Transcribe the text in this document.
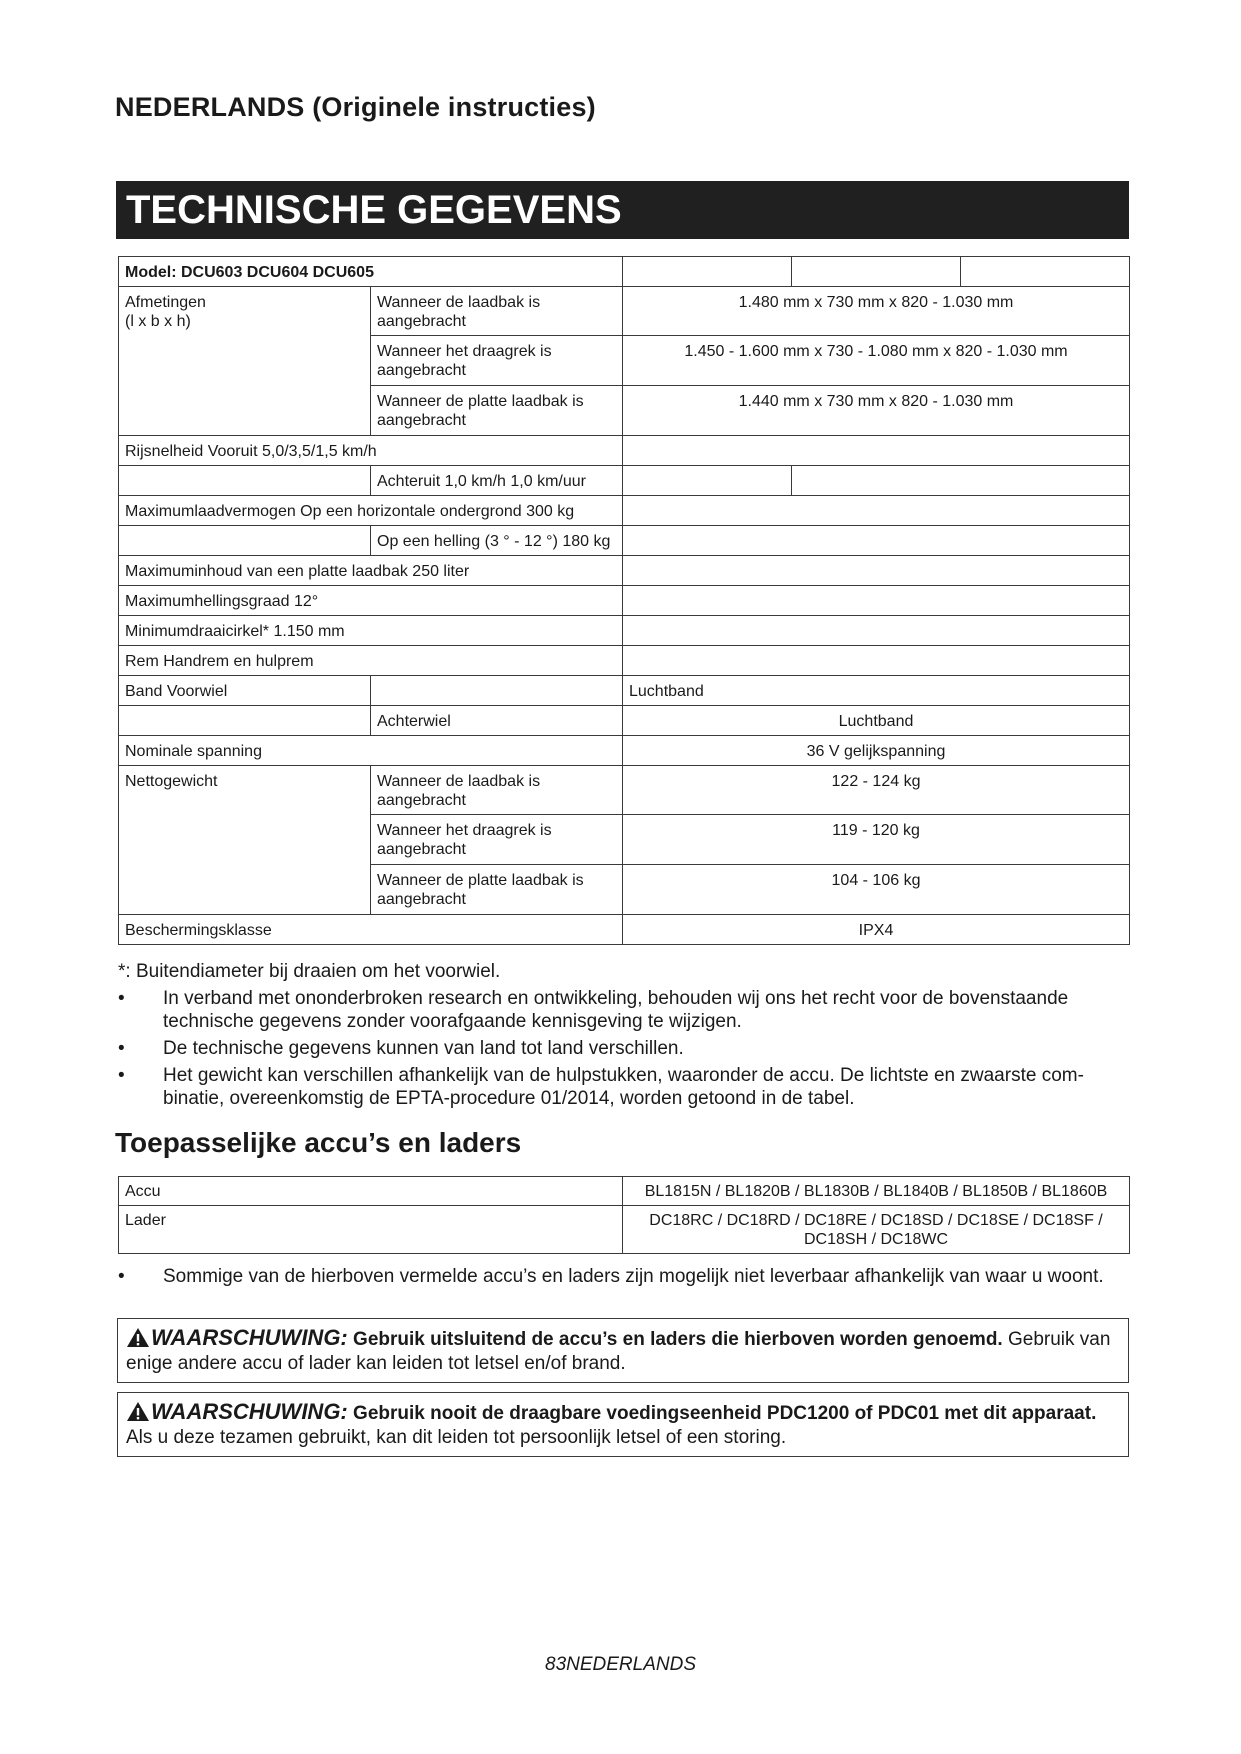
NEDERLANDS (Originele instructies)
TECHNISCHE GEGEVENS
Model: DCU603 DCU604 DCU605				
Afmetingen
(l x b x h)	Wanneer de laadbak is aangebracht	1.480 mm x 730 mm x 820 - 1.030 mm		
	Wanneer het draagrek is aangebracht	1.450 - 1.600 mm x 730 - 1.080 mm x 820 - 1.030 mm		
	Wanneer de platte laadbak is aangebracht	1.440 mm x 730 mm x 820 - 1.030 mm		
Rijsnelheid Vooruit 5,0/3,5/1,5 km/h				
	Achteruit 1,0 km/h 1,0 km/uur			
Maximumlaadvermogen Op een horizontale ondergrond 300 kg				
	Op een helling (3 ° - 12 °) 180 kg			
Maximuminhoud van een platte laadbak 250 liter				
Maximumhellingsgraad 12°				
Minimumdraaicirkel* 1.150 mm				
Rem Handrem en hulprem				
Band Voorwiel		Luchtband		
	Achterwiel	Luchtband		
Nominale spanning		36 V gelijkspanning		
Nettogewicht	Wanneer de laadbak is aangebracht	122 - 124 kg		
	Wanneer het draagrek is aangebracht	119 - 120 kg		
	Wanneer de platte laadbak is aangebracht	104 - 106 kg		
Beschermingsklasse		IPX4		
*: Buitendiameter bij draaien om het voorwiel.
•	In verband met ononderbroken research en ontwikkeling, behouden wij ons het recht voor de bovenstaande technische gegevens zonder voorafgaande kennisgeving te wijzigen.
•	De technische gegevens kunnen van land tot land verschillen.
•	Het gewicht kan verschillen afhankelijk van de hulpstukken, waaronder de accu. De lichtste en zwaarste combinatie, overeenkomstig de EPTA-procedure 01/2014, worden getoond in de tabel.
Toepasselijke accu’s en laders
Accu	BL1815N / BL1820B / BL1830B / BL1840B / BL1850B / BL1860B
Lader	DC18RC / DC18RD / DC18RE / DC18SD / DC18SE / DC18SF / DC18SH / DC18WC
•	Sommige van de hierboven vermelde accu’s en laders zijn mogelijk niet leverbaar afhankelijk van waar u woont.
WAARSCHUWING: Gebruik uitsluitend de accu’s en laders die hierboven worden genoemd. Gebruik van enige andere accu of lader kan leiden tot letsel en/of brand.
WAARSCHUWING: Gebruik nooit de draagbare voedingseenheid PDC1200 of PDC01 met dit apparaat. Als u deze tezamen gebruikt, kan dit leiden tot persoonlijk letsel of een storing.
83NEDERLANDS
